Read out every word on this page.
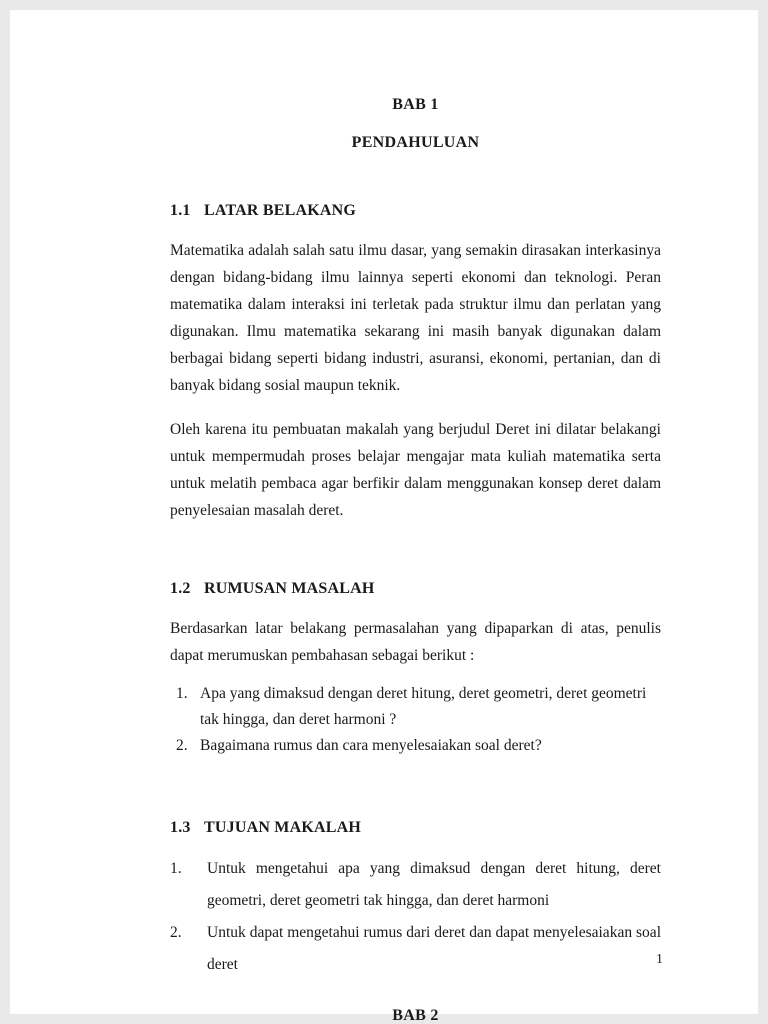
BAB 1
PENDAHULUAN
1.1 LATAR BELAKANG
Matematika adalah salah satu ilmu dasar, yang semakin dirasakan interkasinya dengan bidang-bidang ilmu lainnya seperti ekonomi dan teknologi. Peran matematika dalam interaksi ini terletak pada struktur ilmu dan perlatan yang digunakan. Ilmu matematika sekarang ini masih banyak digunakan dalam berbagai bidang seperti bidang industri, asuransi, ekonomi, pertanian, dan di banyak bidang sosial maupun teknik.
Oleh karena itu pembuatan makalah yang berjudul Deret ini dilatar belakangi untuk mempermudah proses belajar mengajar mata kuliah matematika serta untuk melatih pembaca agar berfikir dalam menggunakan konsep deret dalam penyelesaian masalah deret.
1.2 RUMUSAN MASALAH
Berdasarkan latar belakang permasalahan yang dipaparkan di atas, penulis dapat merumuskan pembahasan sebagai berikut :
1. Apa yang dimaksud dengan deret hitung, deret geometri, deret geometri tak hingga, dan deret harmoni ?
2. Bagaimana rumus dan cara menyelesaiakan soal deret?
1.3 TUJUAN MAKALAH
1.	Untuk mengetahui apa yang dimaksud dengan deret hitung, deret geometri, deret geometri tak hingga, dan deret harmoni
2.	Untuk dapat mengetahui rumus dari deret dan dapat menyelesaiakan soal deret
BAB 2
1
